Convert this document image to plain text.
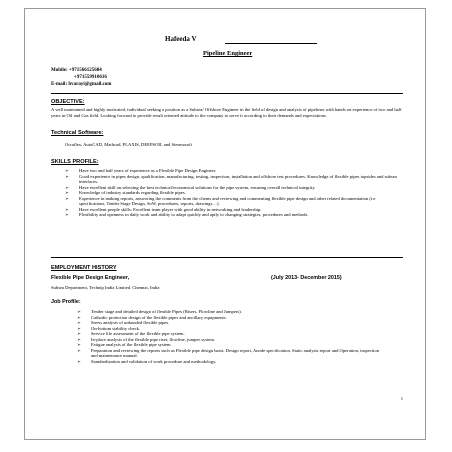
Hafeeda V
Pipeline Engineer
Mobile: +971566125684
+971559910616
E-mail: hvarayi@gmail.com
OBJECTIVE:
A well maintained and highly motivated, individual seeking a position as a Subsea/ Offshore Engineer in the field of design and analysis of pipelines with hands on experience of two and half years in Oil and Gas field. Looking forward to provide result oriented attitude to the company to serve it according to their demands and expectations.
Technical Software:
Orcaflex, AutoCAD, Mathcad, PLAXIS, DEEPSOIL and Siesmosoft
SKILLS PROFILE:
➢ Have two and half years of experience as a Flexible Pipe Design Engineer.
➢ Good experience in pipes design, qualification, manufacturing, testing, inspection, installation and offshore test procedures. Knowledge of flexible pipes topsides and subsea interfaces.
➢ Have excellent skill on selecting the best technical/economical solutions for the pipe system, ensuring overall technical integrity.
➢ Knowledge of industry standards regarding flexible pipes.
➢ Experience in making reports, answering the comments from the clients and reviewing and commenting flexible pipe design and other related documentation (i.e. specifications, Tender Stage Design, SoW, procedures, reports, drawings…).
➢ Have excellent people skills; Excellent team player with good ability in networking and leadership.
➢ Flexibility and openness in daily work and ability to adapt quickly and aptly to changing strategies, procedures and methods.
EMPLOYMENT HISTORY
Flexible Pipe Design Engineer,	(July 2013- December 2015)
Subsea Department, Technip India Limited. Chennai, India
Job Profile:
➢ Tender stage and detailed design of flexible Pipes (Risers, Flowline and Jumpers).
➢ Cathodic protection design of the flexible pipes and ancillary equipments.
➢ Stress analysis of unbonded flexible pipes.
➢ On-bottom stability check.
➢ Service life assessment of the flexible pipe system.
➢ In-place analysis of the flexible pipe riser, flowline, jumper system.
➢ Fatigue analysis of the flexible pipe system
➢ Preparation and reviewing the reports such as Flexible pipe design basis, Design report, Anode specification, Static analysis report and Operation, inspection and maintenance manual.
➢ Standardization and validation of work procedure and methodology.
1
